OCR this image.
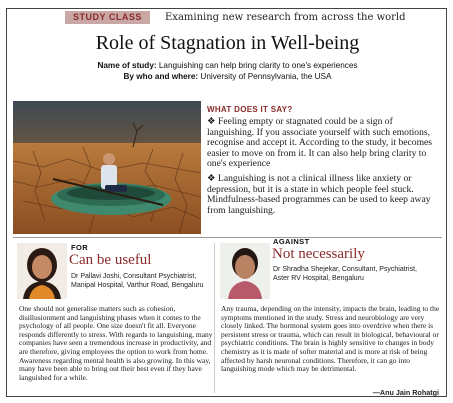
STUDY CLASS	Examining new research from across the world
Role of Stagnation in Well-being
Name of study: Languishing can help bring clarity to one's experiences
By who and where: University of Pennsylvania, the USA
WHAT DOES IT SAY?

❖ Feeling empty or stagnated could be a sign of languishing. If you associate yourself with such emotions, recognise and accept it. According to the study, it becomes easier to move on from it. It can also help bring clarity to one's experience

❖ Languishing is not a clinical illness like anxiety or depression, but it is a state in which people feel stuck. Mindfulness-based programmes can be used to keep away from languishing.

FOR
Can be useful
Dr Pallavi Joshi, Consultant Psychiatrist,
Manipal Hospital, Varthur Road, Bengaluru
AGAINST
Not necessarily
Dr Shradha Shejekar, Consultant, Psychiatrist,
Aster RV Hospital, Bengaluru
One should not generalise matters such as cohesion, disillusionment and languishing phases when it comes to the psychology of all people. One size doesn't fit all. Everyone responds differently to stress. With regards to languishing, many companies have seen a tremendous increase in productivity, and are therefore, giving employees the option to work from home. Awareness regarding mental health is also growing. In this way, many have been able to bring out their best even if they have languished for a while.
Any trauma, depending on the intensity, impacts the brain, leading to the symptoms mentioned in the study. Stress and neurobiology are very closely linked. The hormonal system goes into overdrive when there is persistent stress or trauma, which can result in biological, behavioural or psychiatric conditions. The brain is highly sensitive to changes in body chemistry as it is made of softer material and is more at risk of being affected by harsh neuronal conditions. Therefore, it can go into languishing mode which may be detrimental.
—Anu Jain Rohatgi
